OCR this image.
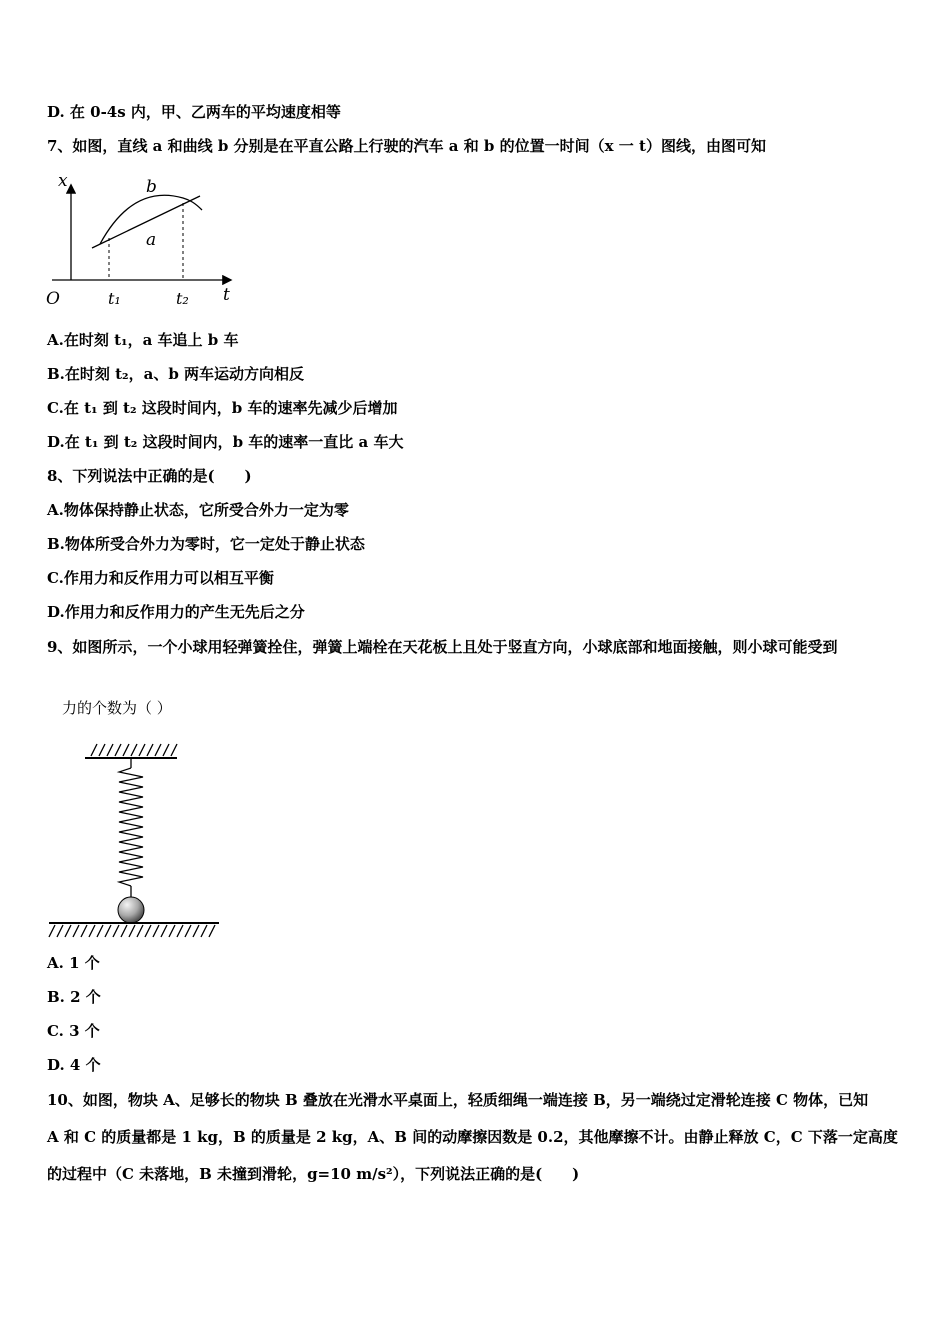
D. 在 0-4s 内，甲、乙两车的平均速度相等
7、如图，直线 a 和曲线 b 分别是在平直公路上行驶的汽车 a 和 b 的位置一时间（x 一 t）图线，由图可知
x
t
O
b
a
t₁	t₂
A.在时刻 t₁，a 车追上 b 车
B.在时刻 t₂，a、b 两车运动方向相反
C.在 t₁ 到 t₂ 这段时间内，b 车的速率先减少后增加
D.在 t₁ 到 t₂ 这段时间内，b 车的速率一直比 a 车大
8、下列说法中正确的是(　　)
A.物体保持静止状态，它所受合外力一定为零
B.物体所受合外力为零时，它一定处于静止状态
C.作用力和反作用力可以相互平衡
D.作用力和反作用力的产生无先后之分
9、如图所示，一个小球用轻弹簧拴住，弹簧上端栓在天花板上且处于竖直方向，小球底部和地面接触，则小球可能受到
力的个数为（ ）
A. 1 个
B. 2 个
C. 3 个
D. 4 个
10、如图，物块 A、足够长的物块 B 叠放在光滑水平桌面上，轻质细绳一端连接 B，另一端绕过定滑轮连接 C 物体，已知
A 和 C 的质量都是 1 kg，B 的质量是 2 kg，A、B 间的动摩擦因数是 0.2，其他摩擦不计。由静止释放 C，C 下落一定高度
的过程中（C 未落地，B 未撞到滑轮，g=10 m/s²），下列说法正确的是(　　)
